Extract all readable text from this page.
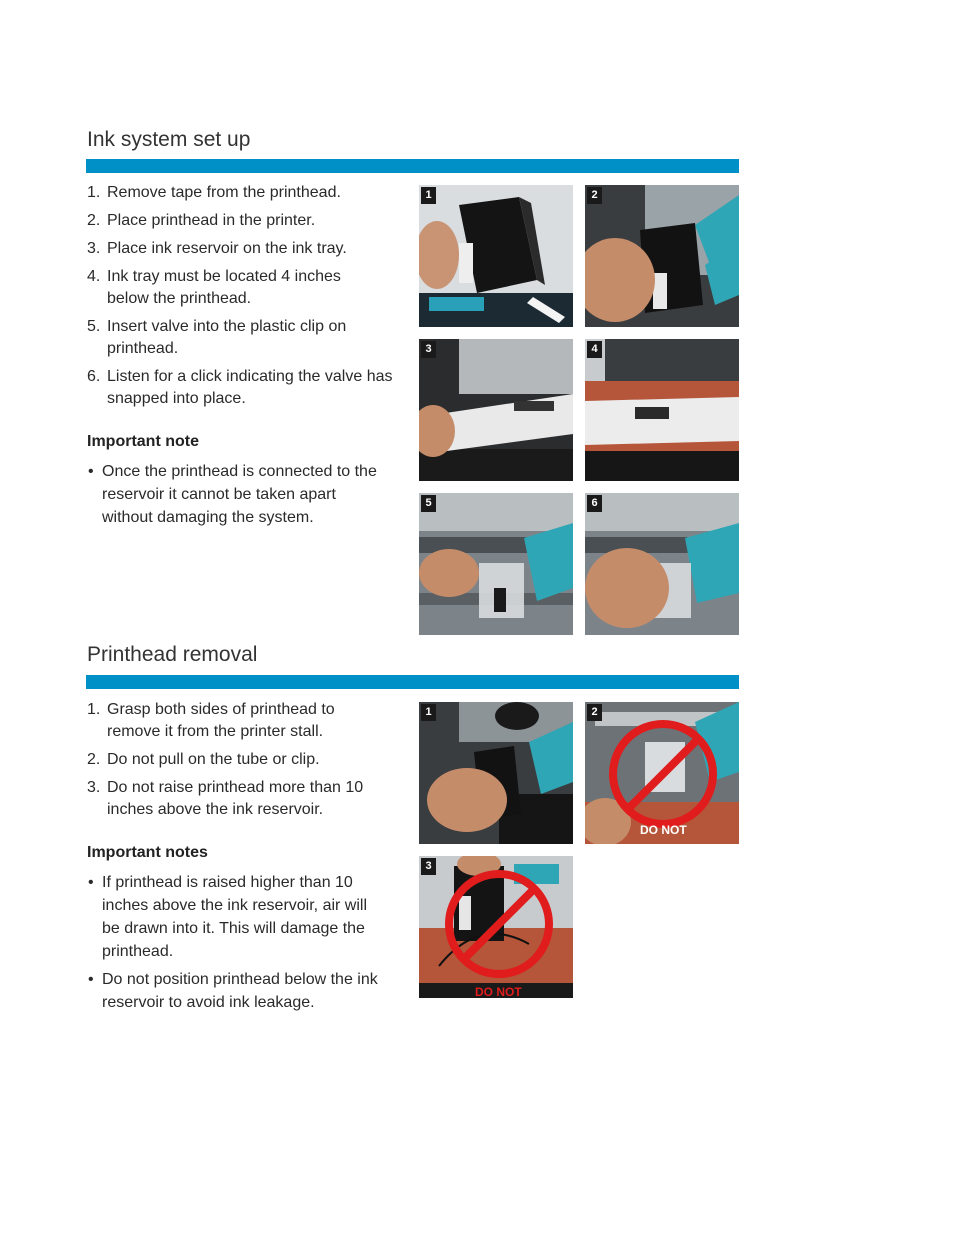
Ink system set up
1. Remove tape from the printhead.
2. Place printhead in the printer.
3. Place ink reservoir on the ink tray.
4. Ink tray must be located 4 inches below the printhead.
5. Insert valve into the plastic clip on printhead.
6. Listen for a click indicating the valve has snapped into place.
Important note
• Once the printhead is connected to the reservoir it cannot be taken apart without damaging the system.
1	2
3	4
5	6
Printhead removal
1. Grasp both sides of printhead to remove it from the printer stall.
2. Do not pull on the tube or clip.
3. Do not raise printhead more than 10 inches above the ink reservoir.
Important notes
• If printhead is raised higher than 10 inches above the ink reservoir, air will be drawn into it. This will damage the printhead.
• Do not position printhead below the ink reservoir to avoid ink leakage.
1	2
DO NOT
3
DO NOT
